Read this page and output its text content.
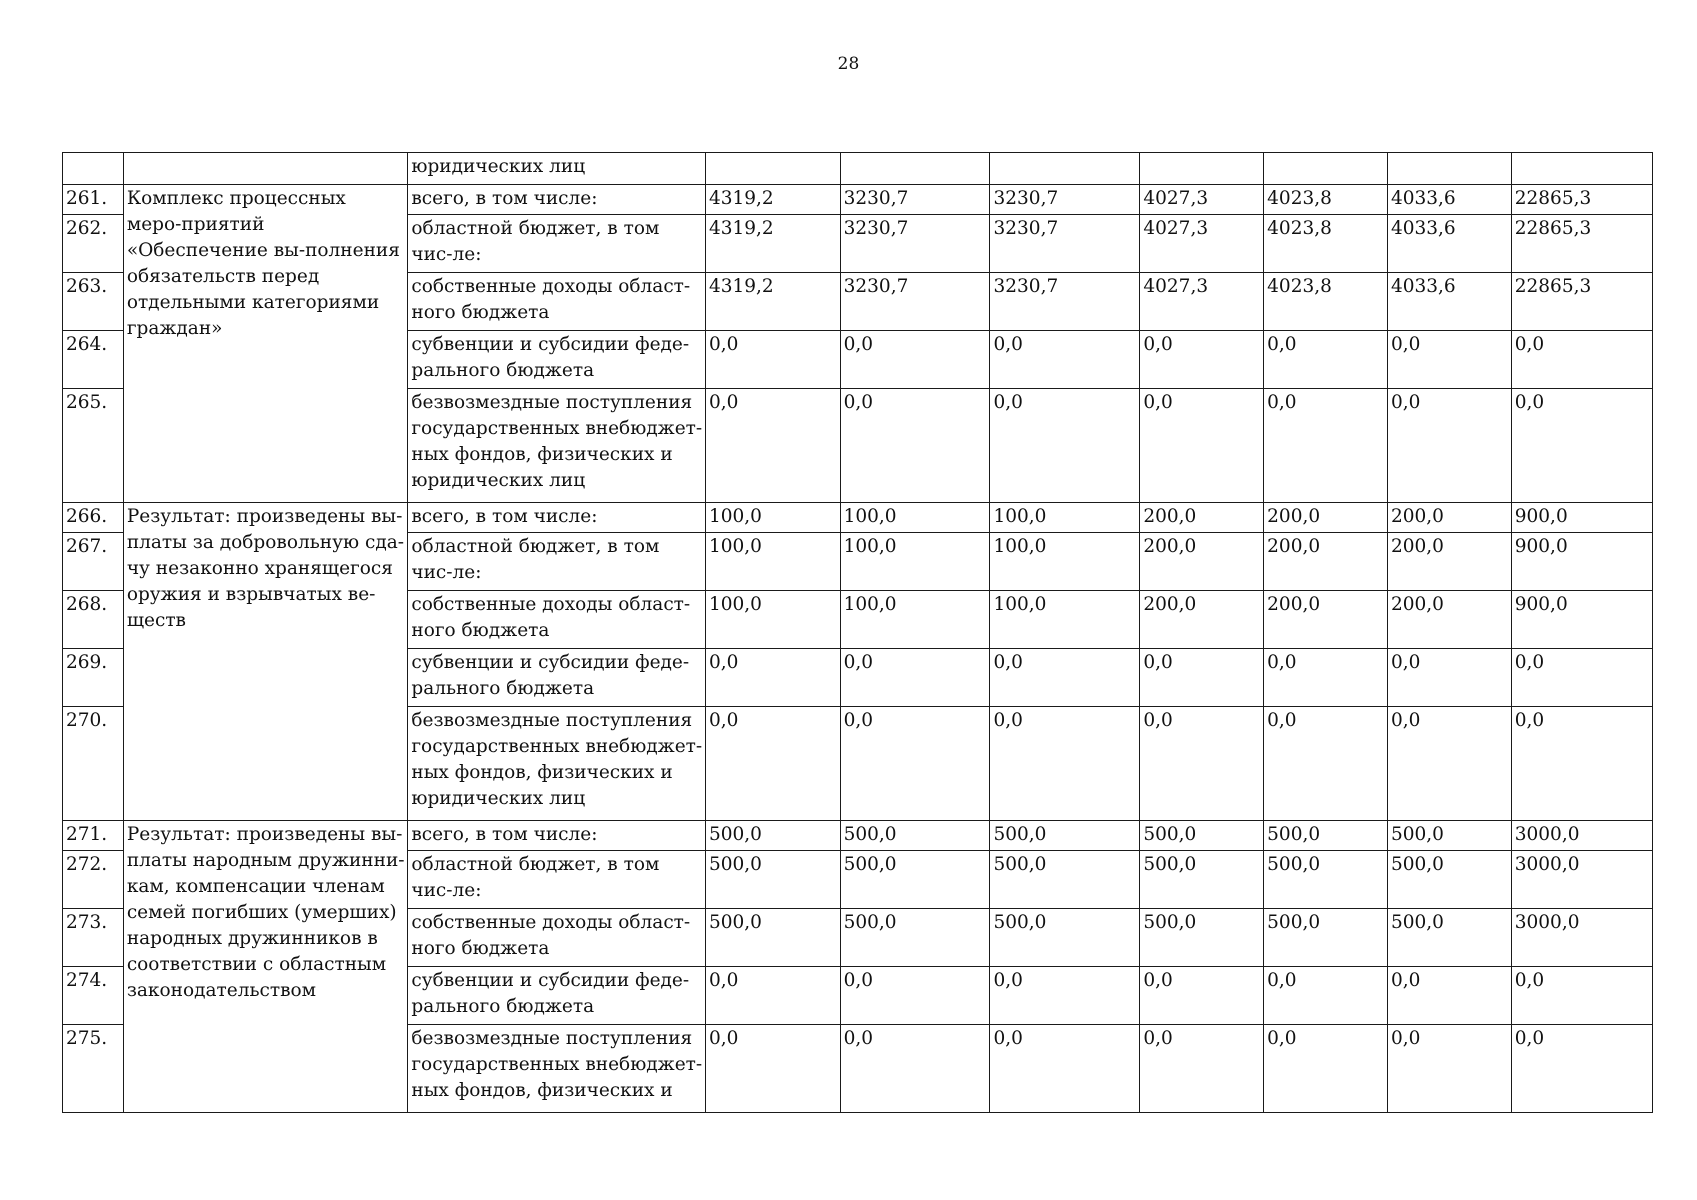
28
		юридических лиц							
261.	Комплекс процессных меро-приятий «Обеспечение вы-полнения обязательств перед отдельными категориями граждан»	всего, в том числе:	4319,2	3230,7	3230,7	4027,3	4023,8	4033,6	22865,3
262.		областной бюджет, в том чис-ле:	4319,2	3230,7	3230,7	4027,3	4023,8	4033,6	22865,3
263.		собственные доходы област-ного бюджета	4319,2	3230,7	3230,7	4027,3	4023,8	4033,6	22865,3
264.		субвенции и субсидии феде-рального бюджета	0,0	0,0	0,0	0,0	0,0	0,0	0,0
265.		безвозмездные поступления государственных внебюджет-ных фондов, физических и юридических лиц	0,0	0,0	0,0	0,0	0,0	0,0	0,0
266.	Результат: произведены вы-платы за добровольную сда-чу незаконно хранящегося оружия и взрывчатых ве-ществ	всего, в том числе:	100,0	100,0	100,0	200,0	200,0	200,0	900,0
267.		областной бюджет, в том чис-ле:	100,0	100,0	100,0	200,0	200,0	200,0	900,0
268.		собственные доходы област-ного бюджета	100,0	100,0	100,0	200,0	200,0	200,0	900,0
269.		субвенции и субсидии феде-рального бюджета	0,0	0,0	0,0	0,0	0,0	0,0	0,0
270.		безвозмездные поступления государственных внебюджет-ных фондов, физических и юридических лиц	0,0	0,0	0,0	0,0	0,0	0,0	0,0
271.	Результат: произведены вы-платы народным дружинни-кам, компенсации членам семей погибших (умерших) народных дружинников в соответствии с областным законодательством	всего, в том числе:	500,0	500,0	500,0	500,0	500,0	500,0	3000,0
272.		областной бюджет, в том чис-ле:	500,0	500,0	500,0	500,0	500,0	500,0	3000,0
273.		собственные доходы област-ного бюджета	500,0	500,0	500,0	500,0	500,0	500,0	3000,0
274.		субвенции и субсидии феде-рального бюджета	0,0	0,0	0,0	0,0	0,0	0,0	0,0
275.		безвозмездные поступления государственных внебюджет-ных фондов, физических и	0,0	0,0	0,0	0,0	0,0	0,0	0,0
